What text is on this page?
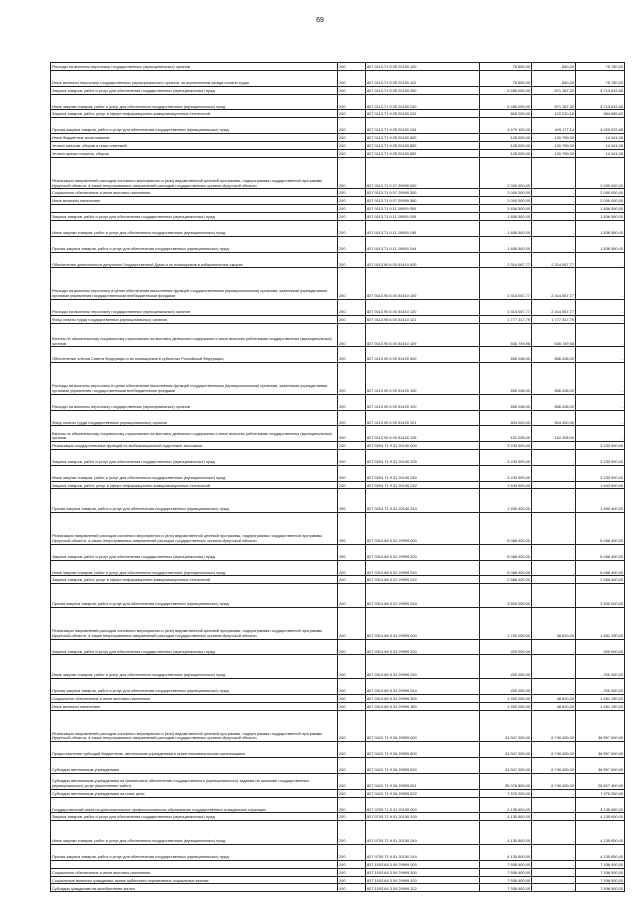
69
Расходы на выплаты персоналу государственных (муниципальных) органов	200	827 0113 71 9 05 20190 120	75 600,00	840,00	75 760,00
Иные выплаты персоналу государственных (муниципальных) органов, за исключением фонда оплаты труда	200	827 0113 71 9 05 20190 122	75 600,00	840,00	75 760,00
Закупка товаров, работ и услуг для обеспечения государственных (муниципальных) нужд	200	827 0113 71 9 05 20190 200	5 285 000,00	571 187,32	4 713 812,68
Иные закупки товаров, работ и услуг для обеспечения государственных (муниципальных) нужд	200	827 0113 71 9 05 20190 240	5 285 000,00	571 187,32	4 713 812,68
Закупка товаров, работ, услуг в сфере информационно-коммуникационных технологий	200	827 0113 71 9 05 20190 242	806 000,00	122 210,18	684 689,82
Прочая закупка товаров, работ и услуг для обеспечения государственных (муниципальных) нужд	200	827 0113 71 9 05 20190 244	4 479 100,00	449 177,14	4 029 922,86
Иные бюджетные ассигнования	200	827 0113 71 9 05 20190 800	145 000,00	130 759,00	14 241,00
Уплата налогов, сборов и иных платежей	200	827 0113 71 9 05 20190 850	145 000,00	130 759,00	14 241,00
Уплата прочих налогов, сборов	200	827 0113 71 9 05 20190 852	145 000,00	130 759,00	14 241,00
Реализация направлений расходов основного мероприятия и (или) ведомственной целевой программы, подпрограммы государственной программы Иркутской области, а также непрограммных направлений расходов государственных органов Иркутской области	200	827 0113 71 9 07 29999 000	2 000 000,00	-	2 000 000,00
Социальное обеспечение и иные выплаты населению	200	827 0113 71 9 07 29999 300	2 000 000,00	-	2 000 000,00
Иные выплаты населению	200	827 0113 71 9 07 29999 360	2 000 000,00	-	2 000 000,00
	200	827 0113 71 9 11 29999 000	1 836 500,00	-	1 836 500,00
Закупка товаров, работ и услуг для обеспечения государственных (муниципальных) нужд	200	827 0113 71 9 11 29999 200	1 836 500,00	-	1 836 500,00
Иные закупки товаров, работ и услуг для обеспечения государственных (муниципальных) нужд	200	827 0113 71 9 11 29999 240	1 836 500,00	-	1 836 500,00
Прочая закупка товаров, работ и услуг для обеспечения государственных (муниципальных) нужд	200	827 0113 71 9 11 29999 244	1 836 500,00	-	1 836 500,00
Обеспечение деятельности депутатов Государственной Думы и их помощников в избирательных округах	200	827 0113 90 6 00 51410 000	2 314 067,77	2 314 067,77	-
Расходы на выплаты персоналу в целях обеспечения выполнения функций государственными (муниципальными) органами, казенными учреждениями, органами управления государственными внебюджетными фондами	200	827 0113 90 6 00 51410 100	2 314 067,77	2 314 067,77	-
Расходы на выплаты персоналу государственных (муниципальных) органов	200	827 0113 90 6 00 51410 120	2 314 067,77	2 314 067,77	-
Фонд оплаты труда государственных (муниципальных) органов	200	827 0113 90 6 00 51410 121	1 777 317,79	1 777 317,79	-
Взносы по обязательному социальному страхованию на выплаты денежного содержания и иные выплаты работникам государственных (муниципальных) органов	200	827 0113 90 6 00 51410 129	536 749,98	536 749,98	-
Обеспечение членов Совета Федерации и их помощников в субъектах Российской Федерации	200	827 0113 90 6 00 51420 000	656 208,00	656 208,00	-
Расходы на выплаты персоналу в целях обеспечения выполнения функций государственными (муниципальными) органами, казенными учреждениями, органами управления государственными внебюджетными фондами	200	827 0113 90 6 00 51420 100	656 208,00	656 208,00	-
Расходы на выплаты персоналу государственных (муниципальных) органов	200	827 0113 90 6 00 51420 120	656 208,00	656 208,00	-
Фонд оплаты труда государственных (муниципальных) органов	200	827 0113 90 6 00 51420 121	504 000,00	504 000,00	-
Взносы по обязательному социальному страхованию на выплаты денежного содержания и иные выплаты работникам государственных (муниципальных) органов	200	827 0113 90 6 00 51420 129	152 208,00	152 208,00	-
Реализация государственных функций по мобилизационной подготовке экономики	200	827 0204 71 9 01 20140 000	3 233 900,00	-	3 233 900,00
Закупка товаров, работ и услуг для обеспечения государственных (муниципальных) нужд	200	827 0204 71 9 01 20140 200	3 233 900,00	-	3 233 900,00
Иные закупки товаров, работ и услуг для обеспечения государственных (муниципальных) нужд	200	827 0204 71 9 01 20140 240	3 233 900,00	-	3 233 900,00
Закупка товаров, работ, услуг в сфере информационно-коммуникационных технологий	200	827 0204 71 9 01 20140 242	1 643 500,00	-	1 643 500,00
Прочая закупка товаров, работ и услуг для обеспечения государственных (муниципальных) нужд	200	827 0204 71 9 01 20140 244	1 590 400,00	-	1 590 400,00
Реализация направлений расходов основного мероприятия и (или) ведомственной целевой программы, подпрограммы государственной программы Иркутской области, а также непрограммных направлений расходов государственных органов Иркутской области	200	827 0314 66 9 02 29999 000	6 068 400,00	-	6 068 400,00
Закупка товаров, работ и услуг для обеспечения государственных (муниципальных) нужд	200	827 0314 66 9 02 29999 200	6 068 400,00	-	6 068 400,00
Иные закупки товаров, работ и услуг для обеспечения государственных (муниципальных) нужд	200	827 0314 66 9 02 29999 240	6 068 400,00	-	6 068 400,00
Закупка товаров, работ, услуг в сфере информационно-коммуникационных технологий	200	827 0314 66 9 02 29999 242	2 568 400,00	-	2 568 400,00
Прочая закупка товаров, работ и услуг для обеспечения государственных (муниципальных) нужд	200	827 0314 66 9 02 29999 244	3 500 000,00	-	3 500 000,00
Реализация направлений расходов основного мероприятия и (или) ведомственной целевой программы, подпрограммы государственной программы Иркутской области, а также непрограммных направлений расходов государственных органов Иркутской области	200	827 0314 66 9 03 29999 000	1 700 000,00	48 810,00	1 651 190,00
Закупка товаров, работ и услуг для обеспечения государственных (муниципальных) нужд	200	827 0314 66 9 03 29999 200	200 000,00	-	200 000,00
Иные закупки товаров, работ и услуг для обеспечения государственных (муниципальных) нужд	200	827 0314 66 9 03 29999 240	200 000,00	-	200 000,00
Прочая закупка товаров, работ и услуг для обеспечения государственных (муниципальных) нужд	200	827 0314 66 9 03 29999 244	200 000,00	-	200 000,00
Социальное обеспечение и иные выплаты населению	200	827 0314 66 9 03 29999 300	1 500 000,00	48 810,00	1 451 190,00
Иные выплаты населению	200	827 0314 66 9 03 29999 360	1 500 000,00	48 810,00	1 451 190,00
Реализация направлений расходов основного мероприятия и (или) ведомственной целевой программы, подпрограммы государственной программы Иркутской области, а также непрограммных направлений расходов государственных органов Иркутской области	200	827 0410 71 9 08 29999 000	43 347 000,00	6 749 400,00	36 597 600,00
Предоставление субсидий бюджетным, автономным учреждениям и иным некоммерческим организациям	200	827 0410 71 9 08 29999 600	43 347 000,00	6 749 400,00	36 597 600,00
Субсидии автономным учреждениям	200	827 0410 71 9 08 29999 620	43 347 000,00	6 749 400,00	36 597 600,00
Субсидии автономным учреждениям на финансовое обеспечение государственного (муниципального) задания на оказание государственных (муниципальных) услуг (выполнение работ)	200	827 0410 71 9 08 29999 621	35 376 800,00	6 749 400,00	28 627 400,00
Субсидии автономным учреждениям на иные цели	200	827 0410 71 9 08 29999 622	7 970 200,00	-	7 970 200,00
Государственный заказ на дополнительное профессиональное образование государственных гражданских служащих	200	827 0705 71 9 01 20130 000	4 135 600,00	-	4 135 600,00
Закупка товаров, работ и услуг для обеспечения государственных (муниципальных) нужд	200	827 0705 71 9 01 20130 200	4 135 600,00	-	4 135 600,00
Иные закупки товаров, работ и услуг для обеспечения государственных (муниципальных) нужд	200	827 0705 71 9 01 20130 240	4 135 600,00	-	4 135 600,00
Прочая закупка товаров, работ и услуг для обеспечения государственных (муниципальных) нужд	200	827 0705 71 9 01 20130 244	4 135 600,00	-	4 135 600,00
	200	827 1003 64 3 09 29999 000	7 938 900,00	-	7 938 900,00
Социальное обеспечение и иные выплаты населению	200	827 1003 64 3 09 29999 300	7 938 900,00	-	7 938 900,00
Социальные выплаты гражданам, кроме публичных нормативных социальных выплат	200	827 1003 64 3 09 29999 320	7 938 900,00	-	7 938 900,00
Субсидии гражданам на приобретение жилья	200	827 1003 64 3 09 29999 322	7 938 900,00	-	7 938 900,00
